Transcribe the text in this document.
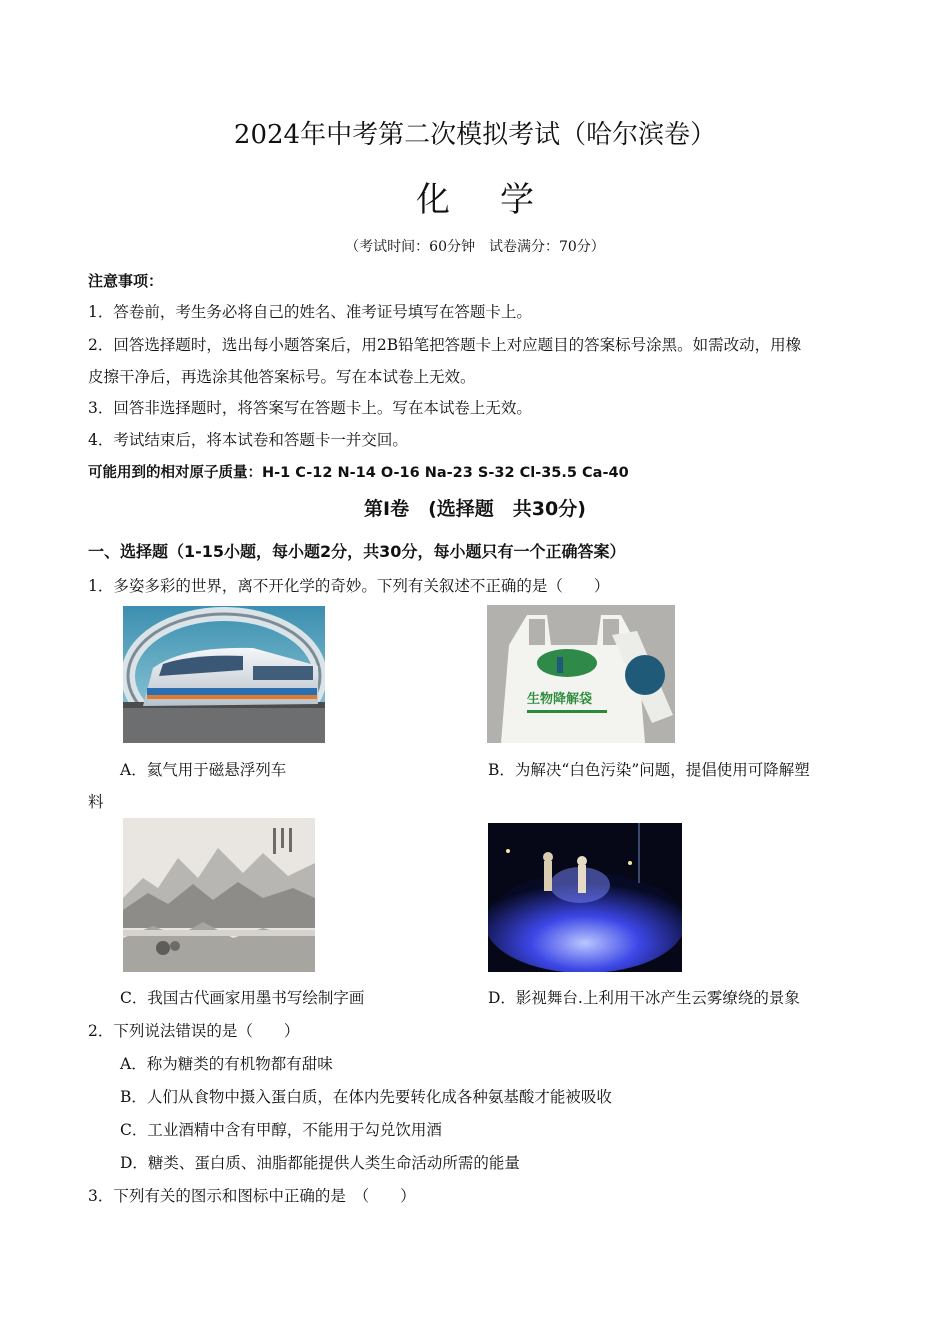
2024年中考第二次模拟考试（哈尔滨卷）
化学
（考试时间：60分钟　试卷满分：70分）
注意事项：
1．答卷前，考生务必将自己的姓名、准考证号填写在答题卡上。
2．回答选择题时，选出每小题答案后，用2B铅笔把答题卡上对应题目的答案标号涂黑。如需改动，用橡
皮擦干净后，再选涂其他答案标号。写在本试卷上无效。
3．回答非选择题时，将答案写在答题卡上。写在本试卷上无效。
4．考试结束后，将本试卷和答题卡一并交回。
可能用到的相对原子质量：H-1 C-12 N-14 O-16 Na-23 S-32 Cl-35.5 Ca-40
第Ⅰ卷　(选择题　共30分)
一、选择题（1-15小题，每小题2分，共30分，每小题只有一个正确答案）
1．多姿多彩的世界，离不开化学的奇妙。下列有关叙述不正确的是（　　）
生物降解袋
A．氦气用于磁悬浮列车	B．为解决“白色污染”问题，提倡使用可降解塑
料
C．我国古代画家用墨书写绘制字画	D．影视舞台.上利用干冰产生云雾缭绕的景象
2．下列说法错误的是（　　）
A．称为糖类的有机物都有甜味
B．人们从食物中摄入蛋白质，在体内先要转化成各种氨基酸才能被吸收
C．工业酒精中含有甲醇，不能用于勾兑饮用酒
D．糖类、蛋白质、油脂都能提供人类生命活动所需的能量
3．下列有关的图示和图标中正确的是　（　　）
